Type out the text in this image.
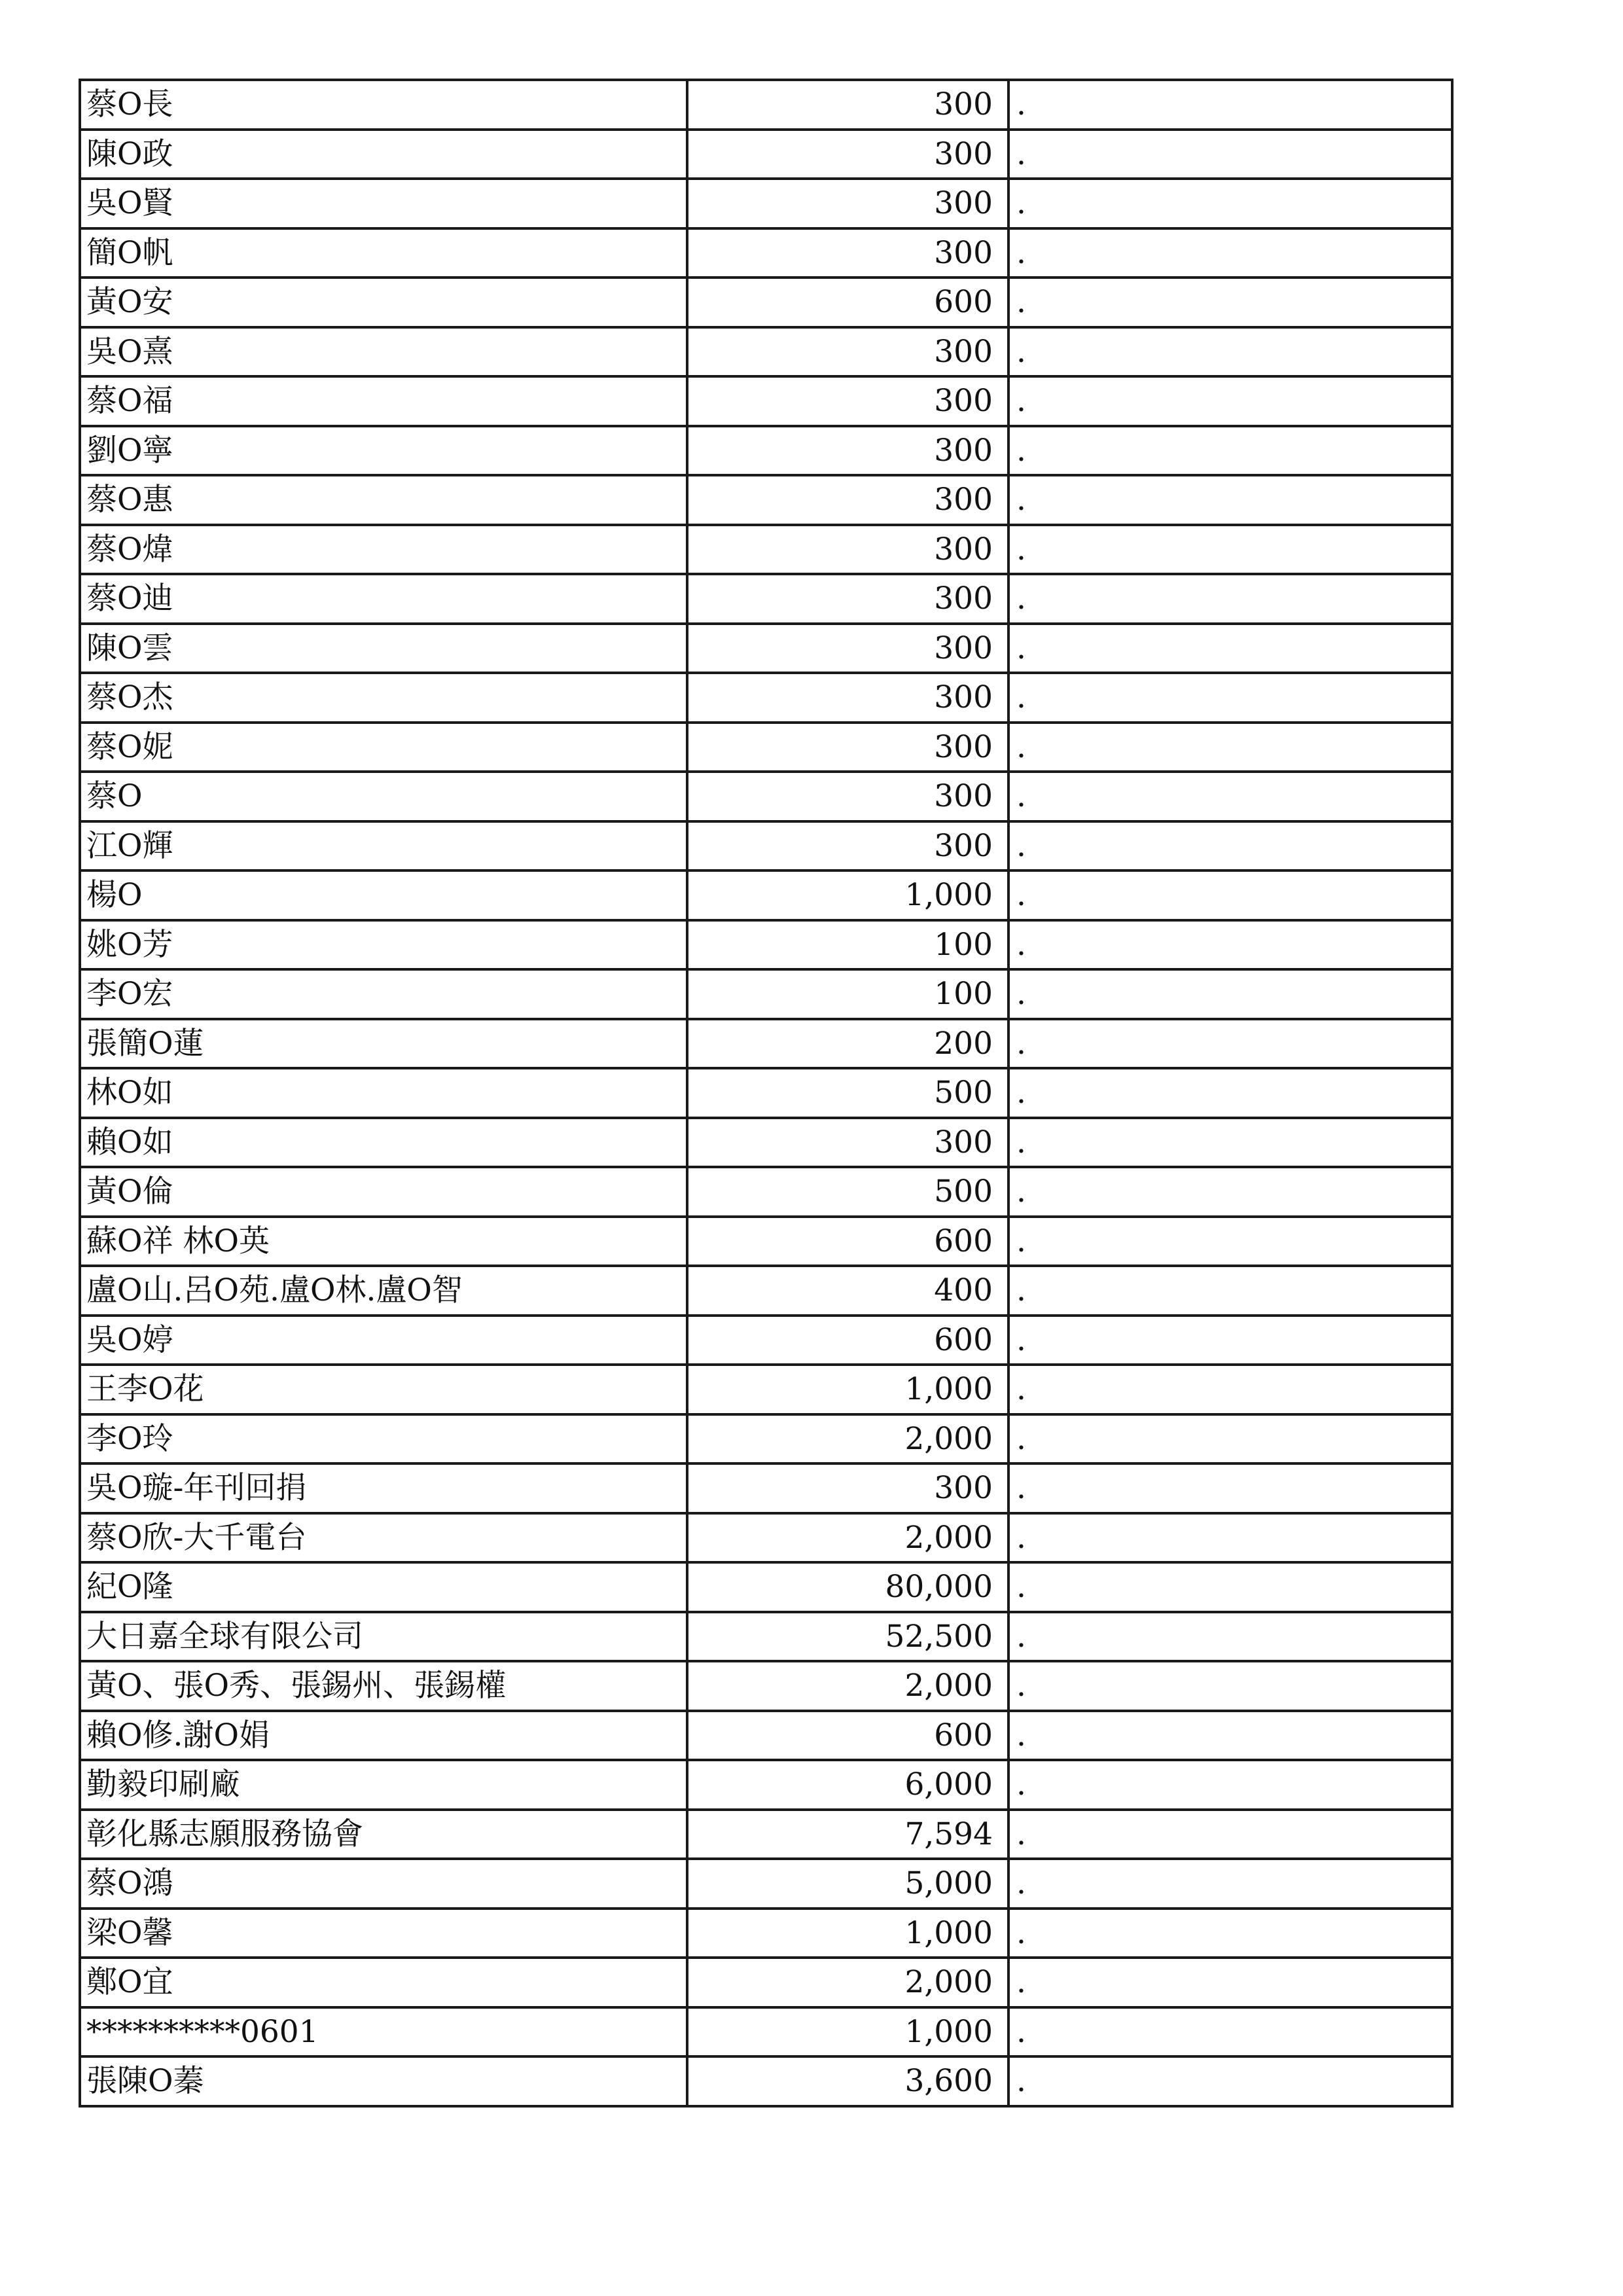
蔡O長	300	.
陳O政	300	.
吳O賢	300	.
簡O帆	300	.
黃O安	600	.
吳O熹	300	.
蔡O福	300	.
劉O寧	300	.
蔡O惠	300	.
蔡O煒	300	.
蔡O迪	300	.
陳O雲	300	.
蔡O杰	300	.
蔡O妮	300	.
蔡O	300	.
江O輝	300	.
楊O	1,000	.
姚O芳	100	.
李O宏	100	.
張簡O蓮	200	.
林O如	500	.
賴O如	300	.
黃O倫	500	.
蘇O祥 林O英	600	.
盧O山.呂O苑.盧O林.盧O智	400	.
吳O婷	600	.
王李O花	1,000	.
李O玲	2,000	.
吳O璇-年刊回捐	300	.
蔡O欣-大千電台	2,000	.
紀O隆	80,000	.
大日嘉全球有限公司	52,500	.
黃O、張O秀、張錫州、張錫權	2,000	.
賴O修.謝O娟	600	.
勤毅印刷廠	6,000	.
彰化縣志願服務協會	7,594	.
蔡O鴻	5,000	.
梁O馨	1,000	.
鄭O宜	2,000	.
**********0601	1,000	.
張陳O蓁	3,600	.
